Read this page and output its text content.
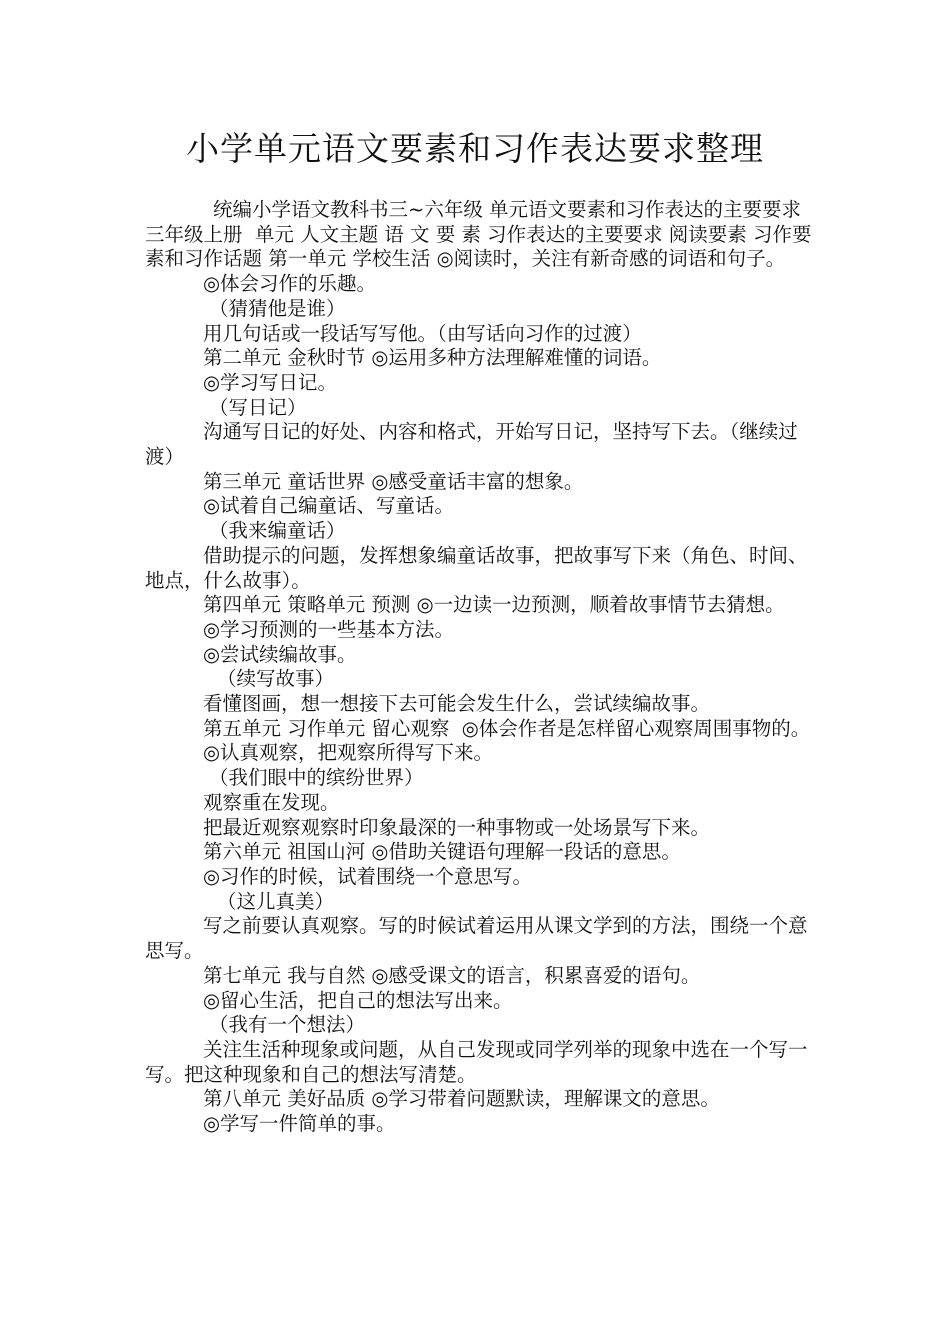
小学单元语文要素和习作表达要求整理

统编小学语文教科书三~六年级 单元语文要素和习作表达的主要要求  三年级上册  单元 人文主题 语 文 要 素 习作表达的主要要求 阅读要素 习作要素和习作话题 第一单元 学校生活 ◎阅读时，关注有新奇感的词语和句子。

◎体会习作的乐趣。

（猜猜他是谁）

用几句话或一段话写写他。（由写话向习作的过渡）

第二单元 金秋时节 ◎运用多种方法理解难懂的词语。

◎学习写日记。

（写日记）

沟通写日记的好处、内容和格式，开始写日记，坚持写下去。（继续过渡）

第三单元 童话世界 ◎感受童话丰富的想象。

◎试着自己编童话、写童话。

（我来编童话）

借助提示的问题，发挥想象编童话故事，把故事写下来（角色、时间、地点，什么故事）。

第四单元 策略单元 预测 ◎一边读一边预测，顺着故事情节去猜想。

◎学习预测的一些基本方法。

◎尝试续编故事。

（续写故事）

看懂图画，想一想接下去可能会发生什么，尝试续编故事。

第五单元 习作单元 留心观察  ◎体会作者是怎样留心观察周围事物的。

◎认真观察，把观察所得写下来。

（我们眼中的缤纷世界）

观察重在发现。

把最近观察观察时印象最深的一种事物或一处场景写下来。

第六单元 祖国山河 ◎借助关键语句理解一段话的意思。

◎习作的时候，试着围绕一个意思写。

（这儿真美）

写之前要认真观察。写的时候试着运用从课文学到的方法，围绕一个意思写。

第七单元 我与自然 ◎感受课文的语言，积累喜爱的语句。

◎留心生活，把自己的想法写出来。

（我有一个想法）

关注生活种现象或问题，从自己发现或同学列举的现象中选在一个写一写。把这种现象和自己的想法写清楚。

第八单元 美好品质 ◎学习带着问题默读，理解课文的意思。

◎学写一件简单的事。
